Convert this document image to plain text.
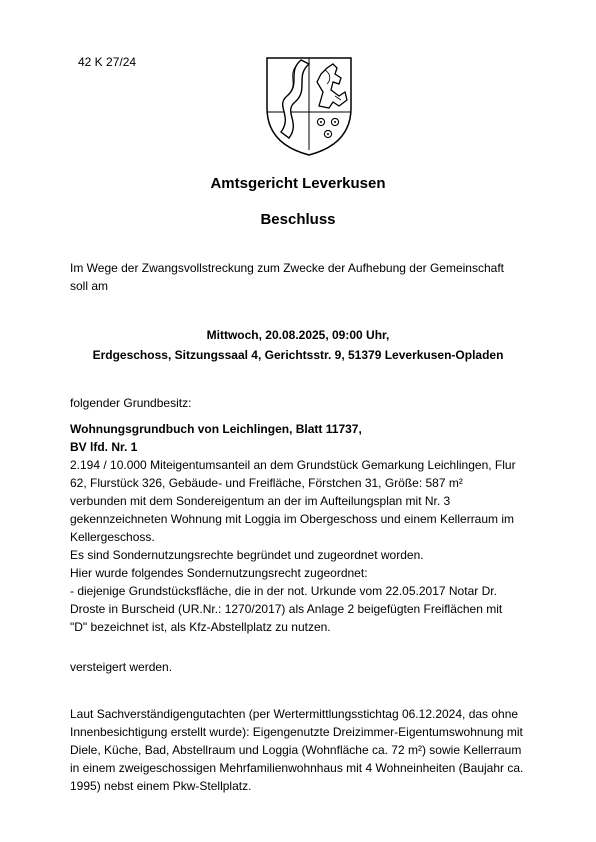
42 K 27/24
Amtsgericht Leverkusen
Beschluss
Im Wege der Zwangsvollstreckung zum Zwecke der Aufhebung der Gemeinschaft
soll am
Mittwoch, 20.08.2025, 09:00 Uhr,
Erdgeschoss, Sitzungssaal 4, Gerichtsstr. 9, 51379 Leverkusen-Opladen
folgender Grundbesitz:

Wohnungsgrundbuch von Leichlingen, Blatt 11737,

BV lfd. Nr. 1

2.194 / 10.000 Miteigentumsanteil an dem Grundstück Gemarkung Leichlingen, Flur

62, Flurstück 326, Gebäude- und Freifläche, Förstchen 31, Größe: 587 m²

verbunden mit dem Sondereigentum an der im Aufteilungsplan mit Nr. 3

gekennzeichneten Wohnung mit Loggia im Obergeschoss und einem Kellerraum im

Kellergeschoss.

Es sind Sondernutzungsrechte begründet und zugeordnet worden.

Hier wurde folgendes Sondernutzungsrecht zugeordnet:

- diejenige Grundstücksfläche, die in der not. Urkunde vom 22.05.2017 Notar Dr.

Droste in Burscheid (UR.Nr.: 1270/2017) als Anlage 2 beigefügten Freiflächen mit

"D" bezeichnet ist, als Kfz-Abstellplatz zu nutzen.

versteigert werden.

Laut Sachverständigengutachten (per Wertermittlungsstichtag 06.12.2024, das ohne

Innenbesichtigung erstellt wurde): Eigengenutzte Dreizimmer-Eigentumswohnung mit

Diele, Küche, Bad, Abstellraum und Loggia (Wohnfläche ca. 72 m²) sowie Kellerraum

in einem zweigeschossigen Mehrfamilienwohnhaus mit 4 Wohneinheiten (Baujahr ca.

1995) nebst einem Pkw-Stellplatz.
